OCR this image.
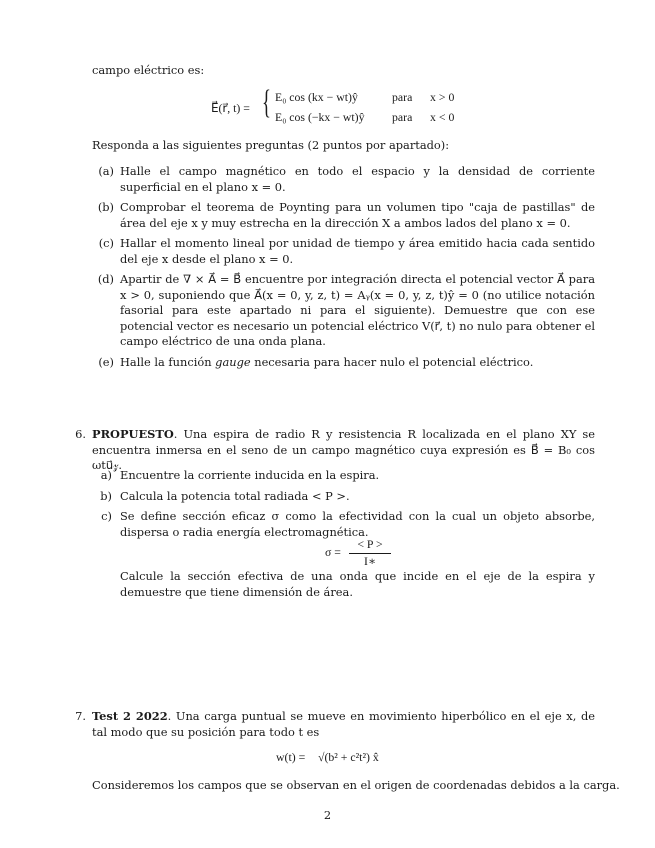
campo eléctrico es:
E⃗(r⃗, t) = { E₀ cos (kx − wt)ŷ	para x > 0
E₀ cos (−kx − wt)ŷ para x < 0
Responda a las siguientes preguntas (2 puntos por apartado):
(a) Halle el campo magnético en todo el espacio y la densidad de corriente superficial en el plano x = 0.
(b) Comprobar el teorema de Poynting para un volumen tipo "caja de pastillas" de área del eje x y muy estrecha en la dirección X a ambos lados del plano x = 0.
(c) Hallar el momento lineal por unidad de tiempo y área emitido hacia cada sentido del eje x desde el plano x = 0.
(d) Apartir de ∇ × A⃗ = B⃗ encuentre por integración directa el potencial vector A⃗ para x > 0, suponiendo que A⃗(x = 0, y, z, t) = Aᵧ(x = 0, y, z, t)ŷ = 0 (no utilice notación fasorial para este apartado ni para el siguiente). Demuestre que con ese potencial vector es necesario un potencial eléctrico V(r⃗, t) no nulo para obtener el campo eléctrico de una onda plana.
(e) Halle la función gauge necesaria para hacer nulo el potencial eléctrico.
6. PROPUESTO. Una espira de radio R y resistencia R localizada en el plano XY se encuentra inmersa en el seno de un campo magnético cuya expresión es B⃗ = B₀ cos ωtu⃗𝓏.
a) Encuentre la corriente inducida en la espira.
b) Calcula la potencia total radiada < P >.
c) Se define sección eficaz σ como la efectividad con la cual un objeto absorbe, dispersa o radia energía electromagnética.
$\sigma = \frac{< P >}{I∗}$
Calcule la sección efectiva de una onda que incide en el eje de la espira y demuestre que tiene dimensión de área.
7. Test 2 2022. Una carga puntual se mueve en movimiento hiperbólico en el eje x, de tal modo que su posición para todo t es
w(t) = √(b² + c²t²) x̂
Consideremos los campos que se observan en el origen de coordenadas debidos a la carga.
2
